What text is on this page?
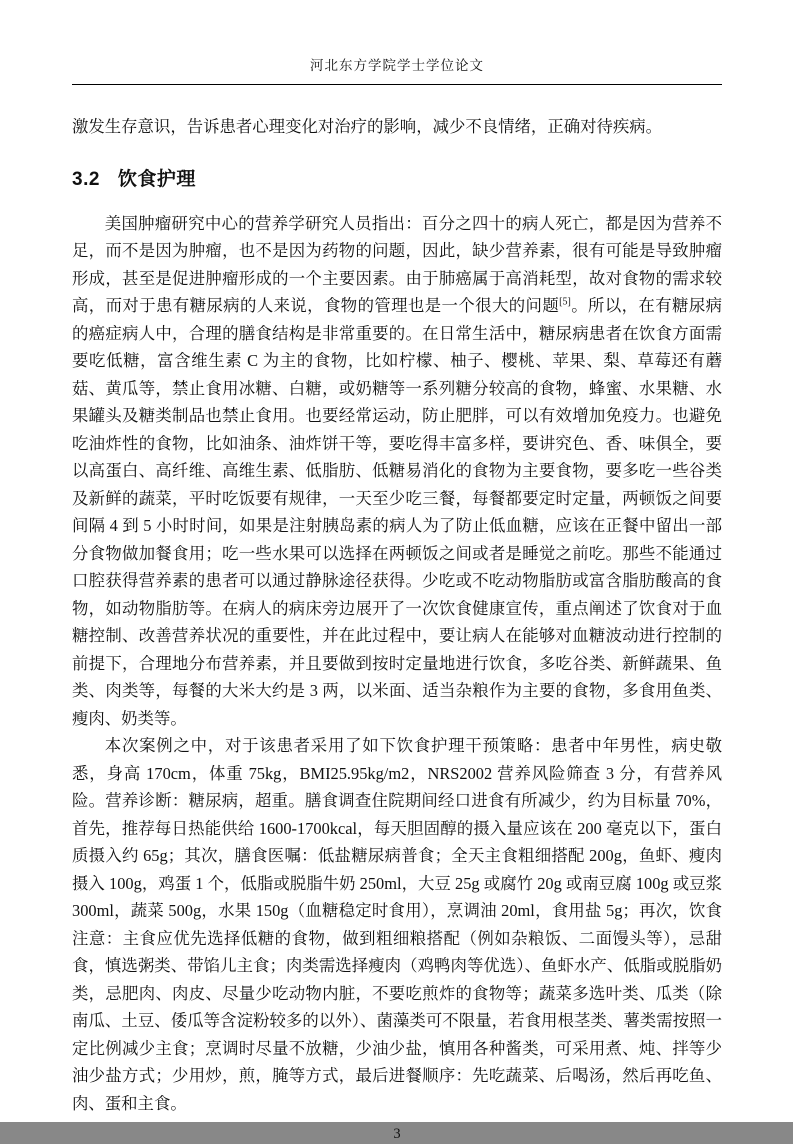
河北东方学院学士学位论文

激发生存意识，告诉患者心理变化对治疗的影响，减少不良情绪，正确对待疾病。

3.2 饮食护理

美国肿瘤研究中心的营养学研究人员指出：百分之四十的病人死亡，都是因为营养不足，而不是因为肿瘤，也不是因为药物的问题，因此，缺少营养素，很有可能是导致肿瘤形成，甚至是促进肿瘤形成的一个主要因素。由于肺癌属于高消耗型，故对食物的需求较高，而对于患有糖尿病的人来说，食物的管理也是一个很大的问题[5]。所以，在有糖尿病的癌症病人中，合理的膳食结构是非常重要的。在日常生活中，糖尿病患者在饮食方面需要吃低糖，富含维生素 C 为主的食物，比如柠檬、柚子、樱桃、苹果、梨、草莓还有蘑菇、黄瓜等，禁止食用冰糖、白糖，或奶糖等一系列糖分较高的食物，蜂蜜、水果糖、水果罐头及糖类制品也禁止食用。也要经常运动，防止肥胖，可以有效增加免疫力。也避免吃油炸性的食物，比如油条、油炸饼干等，要吃得丰富多样，要讲究色、香、味俱全，要以高蛋白、高纤维、高维生素、低脂肪、低糖易消化的食物为主要食物，要多吃一些谷类及新鲜的蔬菜，平时吃饭要有规律，一天至少吃三餐，每餐都要定时定量，两顿饭之间要间隔 4 到 5 小时时间，如果是注射胰岛素的病人为了防止低血糖，应该在正餐中留出一部分食物做加餐食用；吃一些水果可以选择在两顿饭之间或者是睡觉之前吃。那些不能通过口腔获得营养素的患者可以通过静脉途径获得。少吃或不吃动物脂肪或富含脂肪酸高的食物，如动物脂肪等。在病人的病床旁边展开了一次饮食健康宣传，重点阐述了饮食对于血糖控制、改善营养状况的重要性，并在此过程中，要让病人在能够对血糖波动进行控制的前提下，合理地分布营养素，并且要做到按时定量地进行饮食，多吃谷类、新鲜蔬果、鱼类、肉类等，每餐的大米大约是 3 两，以米面、适当杂粮作为主要的食物，多食用鱼类、瘦肉、奶类等。

本次案例之中，对于该患者采用了如下饮食护理干预策略：患者中年男性，病史敬悉，身高 170cm，体重 75kg，BMI25.95kg/m2，NRS2002 营养风险筛查 3 分，有营养风险。营养诊断：糖尿病，超重。膳食调查住院期间经口进食有所减少，约为目标量 70%，首先，推荐每日热能供给 1600-1700kcal，每天胆固醇的摄入量应该在 200 毫克以下，蛋白质摄入约 65g；其次，膳食医嘱：低盐糖尿病普食；全天主食粗细搭配 200g，鱼虾、瘦肉摄入 100g，鸡蛋 1 个，低脂或脱脂牛奶 250ml，大豆 25g 或腐竹 20g 或南豆腐 100g 或豆浆 300ml，蔬菜 500g，水果 150g（血糖稳定时食用），烹调油 20ml，食用盐 5g；再次，饮食注意：主食应优先选择低糖的食物，做到粗细粮搭配（例如杂粮饭、二面馒头等），忌甜食，慎选粥类、带馅儿主食；肉类需选择瘦肉（鸡鸭肉等优选）、鱼虾水产、低脂或脱脂奶类，忌肥肉、肉皮、尽量少吃动物内脏，不要吃煎炸的食物等；蔬菜多选叶类、瓜类（除南瓜、土豆、倭瓜等含淀粉较多的以外）、菌藻类可不限量，若食用根茎类、薯类需按照一定比例减少主食；烹调时尽量不放糖，少油少盐，慎用各种酱类，可采用煮、炖、拌等少油少盐方式；少用炒，煎，腌等方式，最后进餐顺序：先吃蔬菜、后喝汤，然后再吃鱼、肉、蛋和主食。

3
